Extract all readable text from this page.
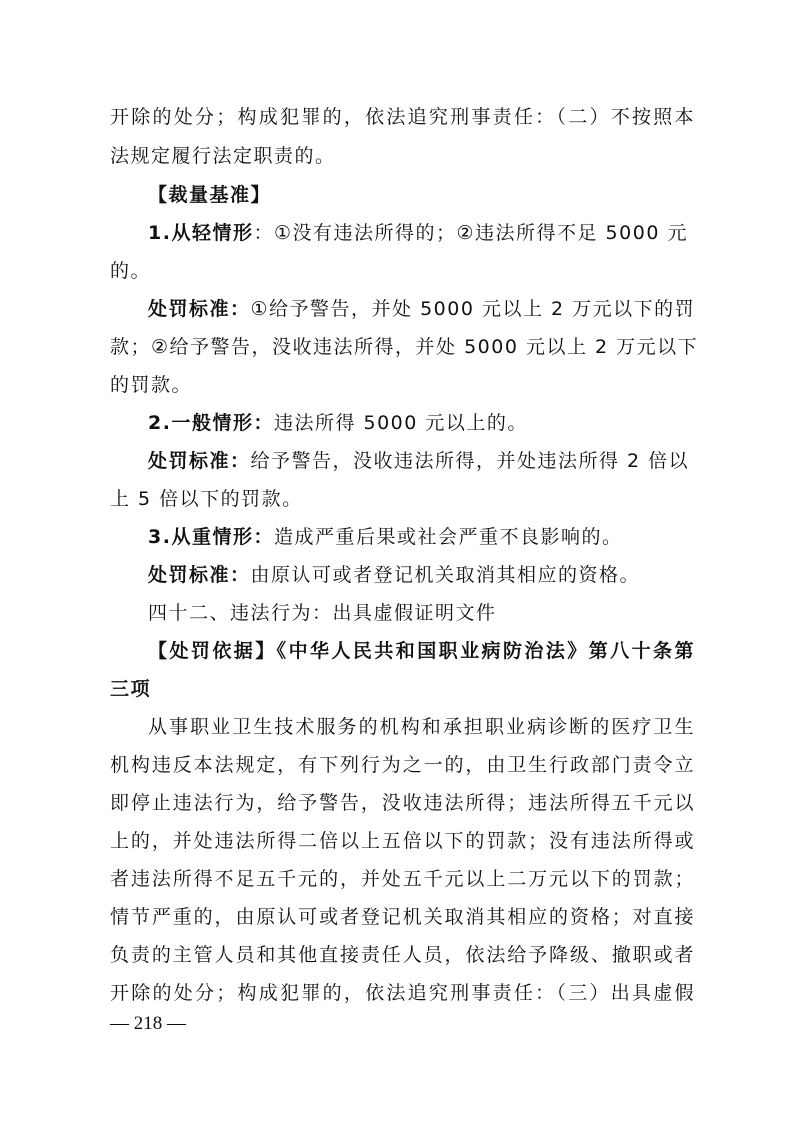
开除的处分；构成犯罪的，依法追究刑事责任：（二）不按照本
法规定履行法定职责的。
【裁量基准】
1.从轻情形：①没有违法所得的；②违法所得不足 5000 元
的。
处罚标准：①给予警告，并处 5000 元以上 2 万元以下的罚
款；②给予警告，没收违法所得，并处 5000 元以上 2 万元以下
的罚款。
2.一般情形：违法所得 5000 元以上的。
处罚标准：给予警告，没收违法所得，并处违法所得 2 倍以
上 5 倍以下的罚款。
3.从重情形：造成严重后果或社会严重不良影响的。
处罚标准：由原认可或者登记机关取消其相应的资格。
四十二、违法行为：出具虚假证明文件
【处罚依据】《中华人民共和国职业病防治法》第八十条第
三项
从事职业卫生技术服务的机构和承担职业病诊断的医疗卫生
机构违反本法规定，有下列行为之一的，由卫生行政部门责令立
即停止违法行为，给予警告，没收违法所得；违法所得五千元以
上的，并处违法所得二倍以上五倍以下的罚款；没有违法所得或
者违法所得不足五千元的，并处五千元以上二万元以下的罚款；
情节严重的，由原认可或者登记机关取消其相应的资格；对直接
负责的主管人员和其他直接责任人员，依法给予降级、撤职或者
开除的处分；构成犯罪的，依法追究刑事责任：（三）出具虚假
— 218 —
